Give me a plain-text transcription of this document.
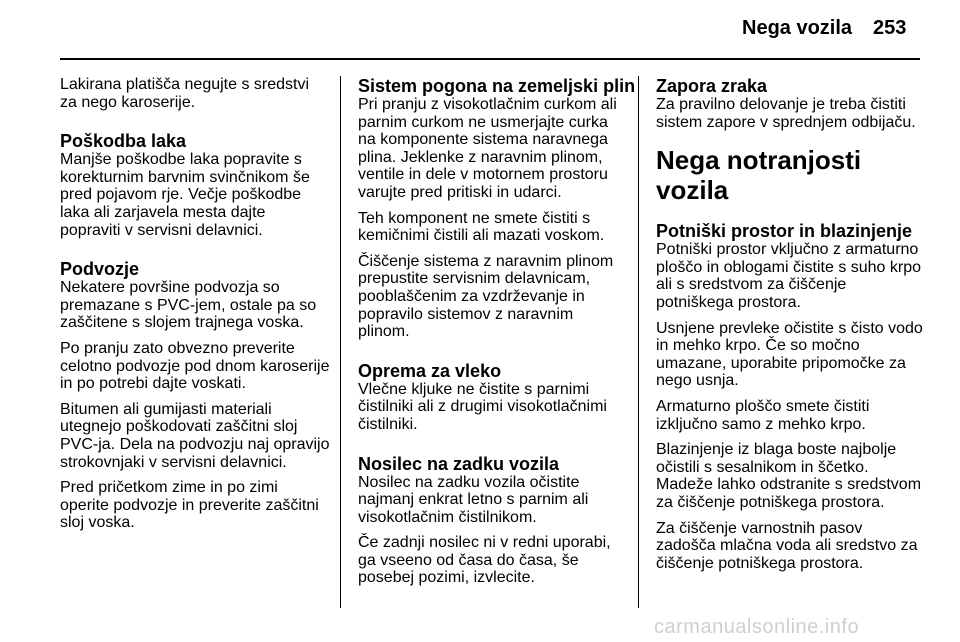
Nega vozila 253

Lakirana platišča negujte s sredstvi za nego karoserije.

Poškodba laka

Manjše poškodbe laka popravite s korekturnim barvnim svinčnikom še pred pojavom rje. Večje poškodbe laka ali zarjavela mesta dajte popraviti v servisni delavnici.

Podvozje

Nekatere površine podvozja so premazane s PVC-jem, ostale pa so zaščitene s slojem trajnega voska.

Po pranju zato obvezno preverite celotno podvozje pod dnom karoserije in po potrebi dajte voskati.

Bitumen ali gumijasti materiali utegnejo poškodovati zaščitni sloj PVC-ja. Dela na podvozju naj opravijo strokovnjaki v servisni delavnici.

Pred pričetkom zime in po zimi operite podvozje in preverite zaščitni sloj voska.

Sistem pogona na zemeljski plin

Pri pranju z visokotlačnim curkom ali parnim curkom ne usmerjajte curka na komponente sistema naravnega plina. Jeklenke z naravnim plinom, ventile in dele v motornem prostoru varujte pred pritiski in udarci.

Teh komponent ne smete čistiti s kemičnimi čistili ali mazati voskom.

Čiščenje sistema z naravnim plinom prepustite servisnim delavnicam, pooblaščenim za vzdrževanje in popravilo sistemov z naravnim plinom.

Oprema za vleko

Vlečne kljuke ne čistite s parnimi čistilniki ali z drugimi visokotlačnimi čistilniki.

Nosilec na zadku vozila

Nosilec na zadku vozila očistite najmanj enkrat letno s parnim ali visokotlačnim čistilnikom.

Če zadnji nosilec ni v redni uporabi, ga vseeno od časa do časa, še posebej pozimi, izvlecite.

Zapora zraka

Za pravilno delovanje je treba čistiti sistem zapore v sprednjem odbijaču.

Nega notranjosti vozila
Potniški prostor in blazinjenje

Potniški prostor vključno z armaturno ploščo in oblogami čistite s suho krpo ali s sredstvom za čiščenje potniškega prostora.

Usnjene prevleke očistite s čisto vodo in mehko krpo. Če so močno umazane, uporabite pripomočke za nego usnja.

Armaturno ploščo smete čistiti izključno samo z mehko krpo.

Blazinjenje iz blaga boste najbolje očistili s sesalnikom in ščetko. Madeže lahko odstranite s sredstvom za čiščenje potniškega prostora.

Za čiščenje varnostnih pasov zadošča mlačna voda ali sredstvo za čiščenje potniškega prostora.

carmanualsonline.info
